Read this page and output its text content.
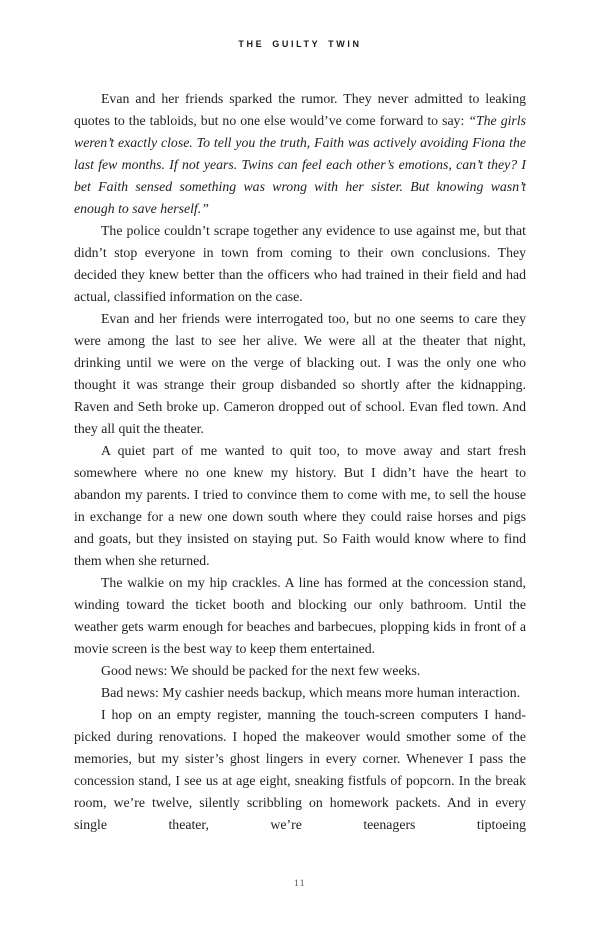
THE GUILTY TWIN

Evan and her friends sparked the rumor. They never admitted to leaking quotes to the tabloids, but no one else would’ve come forward to say: “The girls weren’t exactly close. To tell you the truth, Faith was actively avoiding Fiona the last few months. If not years. Twins can feel each other’s emotions, can’t they? I bet Faith sensed something was wrong with her sister. But knowing wasn’t enough to save herself.”

The police couldn’t scrape together any evidence to use against me, but that didn’t stop everyone in town from coming to their own conclusions. They decided they knew better than the officers who had trained in their field and had actual, classified information on the case.

Evan and her friends were interrogated too, but no one seems to care they were among the last to see her alive. We were all at the theater that night, drinking until we were on the verge of blacking out. I was the only one who thought it was strange their group disbanded so shortly after the kidnapping. Raven and Seth broke up. Cameron dropped out of school. Evan fled town. And they all quit the theater.

A quiet part of me wanted to quit too, to move away and start fresh somewhere where no one knew my history. But I didn’t have the heart to abandon my parents. I tried to convince them to come with me, to sell the house in exchange for a new one down south where they could raise horses and pigs and goats, but they insisted on staying put. So Faith would know where to find them when she returned.

The walkie on my hip crackles. A line has formed at the concession stand, winding toward the ticket booth and blocking our only bathroom. Until the weather gets warm enough for beaches and barbecues, plopping kids in front of a movie screen is the best way to keep them entertained.

Good news: We should be packed for the next few weeks.

Bad news: My cashier needs backup, which means more human interaction.

I hop on an empty register, manning the touch-screen computers I hand-picked during renovations. I hoped the makeover would smother some of the memories, but my sister’s ghost lingers in every corner. Whenever I pass the concession stand, I see us at age eight, sneaking fistfuls of popcorn. In the break room, we’re twelve, silently scribbling on homework packets. And in every single theater, we’re teenagers tiptoeing

11
